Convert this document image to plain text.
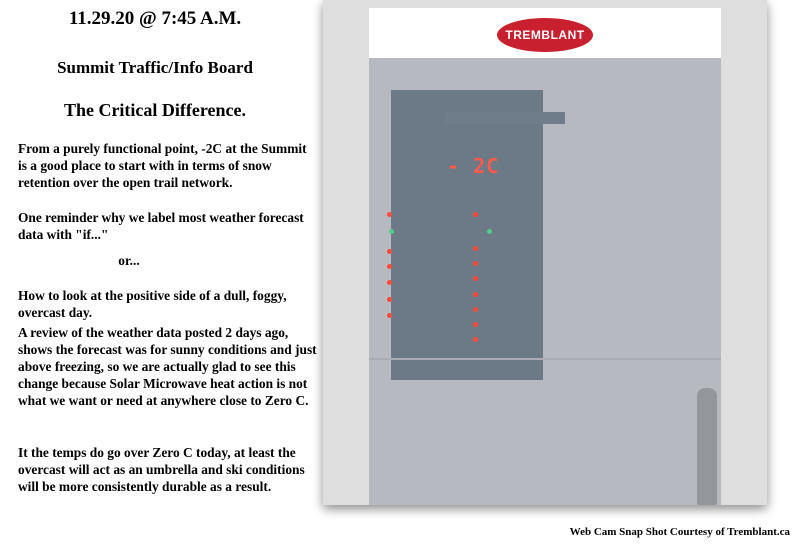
11.29.20 @ 7:45 A.M.

Summit Traffic/Info Board

The Critical Difference.

From a purely functional point, -2C at the Summit is a good place to start with in terms of snow retention over the open trail network.

One reminder why we label most weather forecast data with "if..."

or...

How to look at the positive side of a dull, foggy, overcast day.

A review of the weather data posted 2 days ago, shows the forecast was for sunny conditions and just above freezing, so we are actually glad to see this change because Solar Microwave heat action is not what we want or need at anywhere close to Zero C.

It the temps do go over Zero C today, at least the overcast will act as an umbrella and ski conditions will be more consistently durable as a result.

TREMBLANT
- 2C

Web Cam Snap Shot Courtesy of Tremblant.ca
